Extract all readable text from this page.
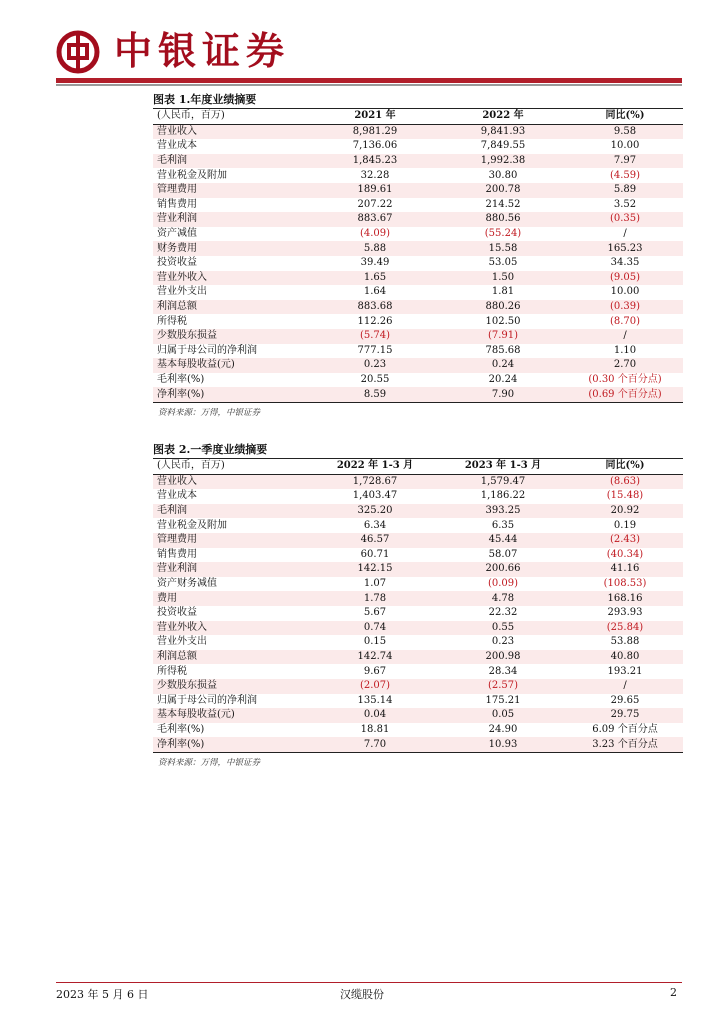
中银证券
图表 1.年度业绩摘要
(人民币，百万)	2021 年	2022 年	同比(%)
营业收入	8,981.29	9,841.93	9.58
营业成本	7,136.06	7,849.55	10.00
毛利润	1,845.23	1,992.38	7.97
营业税金及附加	32.28	30.80	(4.59)
管理费用	189.61	200.78	5.89
销售费用	207.22	214.52	3.52
营业利润	883.67	880.56	(0.35)
资产减值	(4.09)	(55.24)	/
财务费用	5.88	15.58	165.23
投资收益	39.49	53.05	34.35
营业外收入	1.65	1.50	(9.05)
营业外支出	1.64	1.81	10.00
利润总额	883.68	880.26	(0.39)
所得税	112.26	102.50	(8.70)
少数股东损益	(5.74)	(7.91)	/
归属于母公司的净利润	777.15	785.68	1.10
基本每股收益(元)	0.23	0.24	2.70
毛利率(%)	20.55	20.24	(0.30 个百分点)
净利率(%)	8.59	7.90	(0.69 个百分点)
资料来源：万得，中银证券
图表 2.一季度业绩摘要
(人民币，百万)	2022 年 1-3 月	2023 年 1-3 月	同比(%)
营业收入	1,728.67	1,579.47	(8.63)
营业成本	1,403.47	1,186.22	(15.48)
毛利润	325.20	393.25	20.92
营业税金及附加	6.34	6.35	0.19
管理费用	46.57	45.44	(2.43)
销售费用	60.71	58.07	(40.34)
营业利润	142.15	200.66	41.16
资产财务减值	1.07	(0.09)	(108.53)
费用	1.78	4.78	168.16
投资收益	5.67	22.32	293.93
营业外收入	0.74	0.55	(25.84)
营业外支出	0.15	0.23	53.88
利润总额	142.74	200.98	40.80
所得税	9.67	28.34	193.21
少数股东损益	(2.07)	(2.57)	/
归属于母公司的净利润	135.14	175.21	29.65
基本每股收益(元)	0.04	0.05	29.75
毛利率(%)	18.81	24.90	6.09 个百分点
净利率(%)	7.70	10.93	3.23 个百分点
资料来源：万得，中银证券
2023 年 5 月 6 日	汉缆股份	2
